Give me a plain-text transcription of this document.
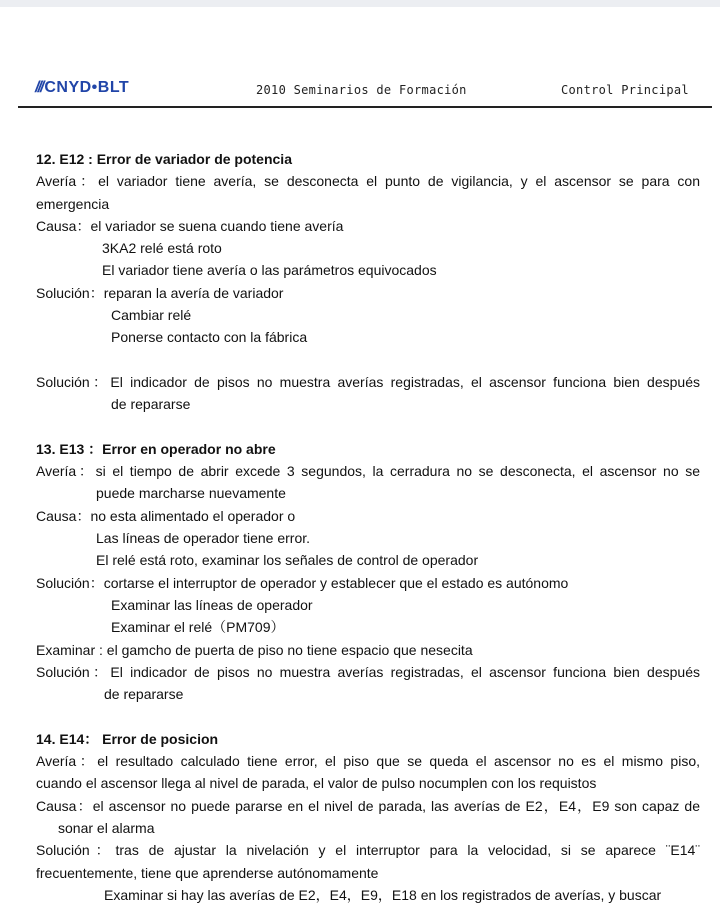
/// CNYD•BLT	2010 Seminarios de Formación	Control Principal
12. E12 : Error de variador de potencia
Avería：el variador tiene avería, se desconecta el punto de vigilancia, y el ascensor se para con
emergencia
Causa：el variador se suena cuando tiene avería
3KA2 relé está roto
El variador tiene avería o las parámetros equivocados
Solución：reparan la avería de variador
Cambiar relé
Ponerse contacto con la fábrica
Solución：El indicador de pisos no muestra averías registradas, el ascensor funciona bien después
de repararse
13. E13 ：Error en operador no abre
Avería：si el tiempo de abrir excede 3 segundos, la cerradura no se desconecta, el ascensor no se
puede marcharse nuevamente
Causa：no esta alimentado el operador o
Las líneas de operador tiene error.
El relé está roto, examinar los señales de control de operador
Solución：cortarse el interruptor de operador y establecer que el estado es autónomo
Examinar las líneas de operador
Examinar el relé（PM709）
Examinar : el gamcho de puerta de piso no tiene espacio que nesecita
Solución：El indicador de pisos no muestra averías registradas, el ascensor funciona bien después
de repararse
14. E14： Error de posicion
Avería：el resultado calculado tiene error, el piso que se queda el ascensor no es el mismo piso,
cuando el ascensor llega al nivel de parada, el valor de pulso nocumplen con los requistos
Causa：el ascensor no puede pararse en el nivel de parada, las averías de E2，E4，E9 son capaz de
sonar el alarma
Solución：tras de ajustar la nivelación y el interruptor para la velocidad, si se aparece ¨E14¨
frecuentemente, tiene que aprenderse autónomamente
Examinar si hay las averías de E2，E4，E9，E18 en los registrados de averías, y buscar
